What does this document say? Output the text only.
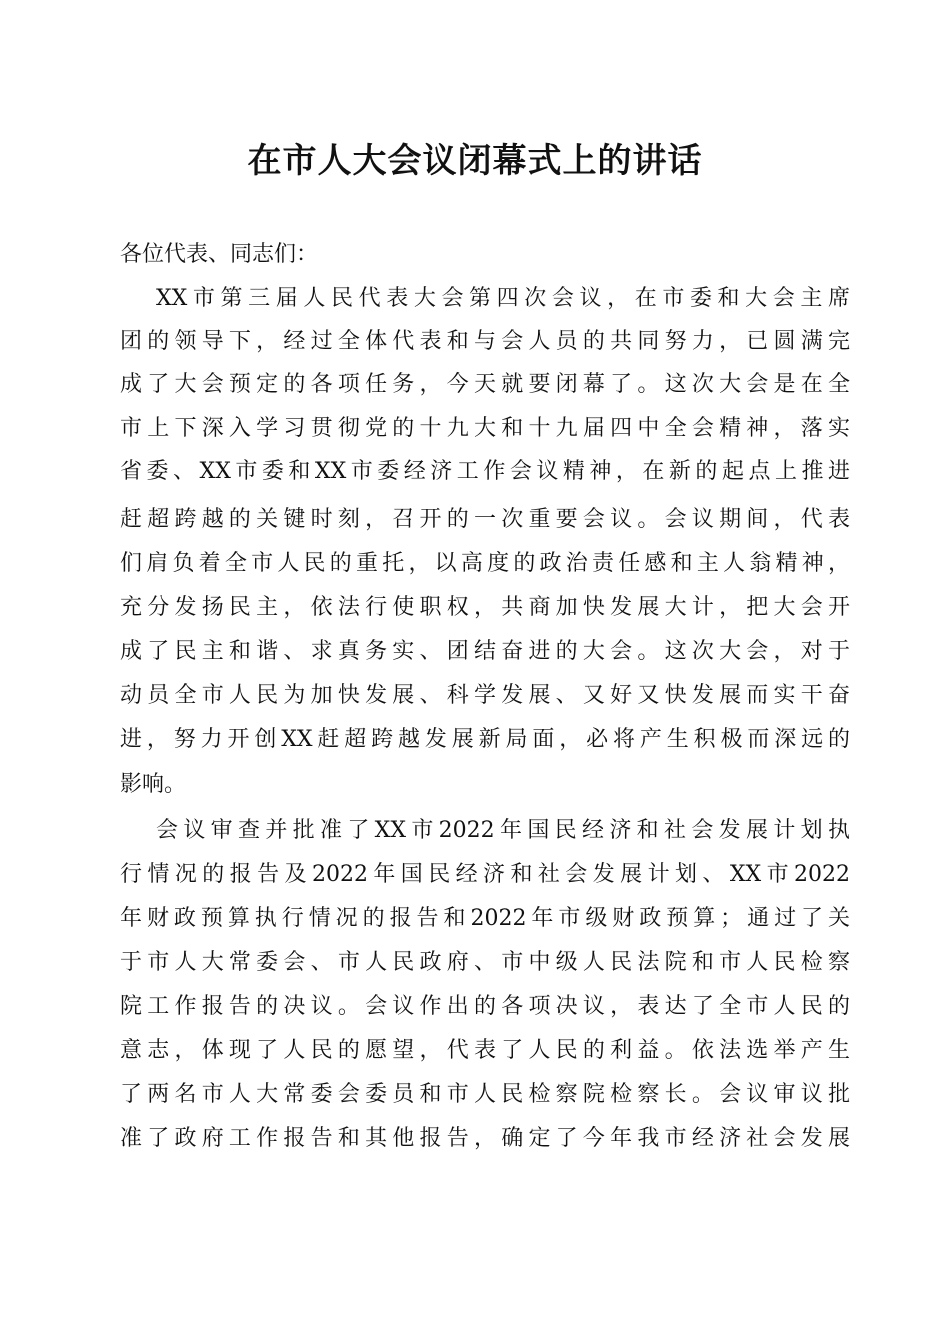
在市人大会议闭幕式上的讲话

各位代表、同志们：

XX市第三届人民代表大会第四次会议，在市委和大会主席

团的领导下，经过全体代表和与会人员的共同努力，已圆满完

成了大会预定的各项任务，今天就要闭幕了。这次大会是在全

市上下深入学习贯彻党的十九大和十九届四中全会精神，落实

省委、XX市委和XX市委经济工作会议精神，在新的起点上推进

赶超跨越的关键时刻，召开的一次重要会议。会议期间，代表

们肩负着全市人民的重托，以高度的政治责任感和主人翁精神，

充分发扬民主，依法行使职权，共商加快发展大计，把大会开

成了民主和谐、求真务实、团结奋进的大会。这次大会，对于

动员全市人民为加快发展、科学发展、又好又快发展而实干奋

进，努力开创XX赶超跨越发展新局面，必将产生积极而深远的

影响。

会议审查并批准了XX市2022年国民经济和社会发展计划执

行情况的报告及2022年国民经济和社会发展计划、XX市2022

年财政预算执行情况的报告和2022年市级财政预算；通过了关

于市人大常委会、市人民政府、市中级人民法院和市人民检察

院工作报告的决议。会议作出的各项决议，表达了全市人民的

意志，体现了人民的愿望，代表了人民的利益。依法选举产生

了两名市人大常委会委员和市人民检察院检察长。会议审议批

准了政府工作报告和其他报告，确定了今年我市经济社会发展
